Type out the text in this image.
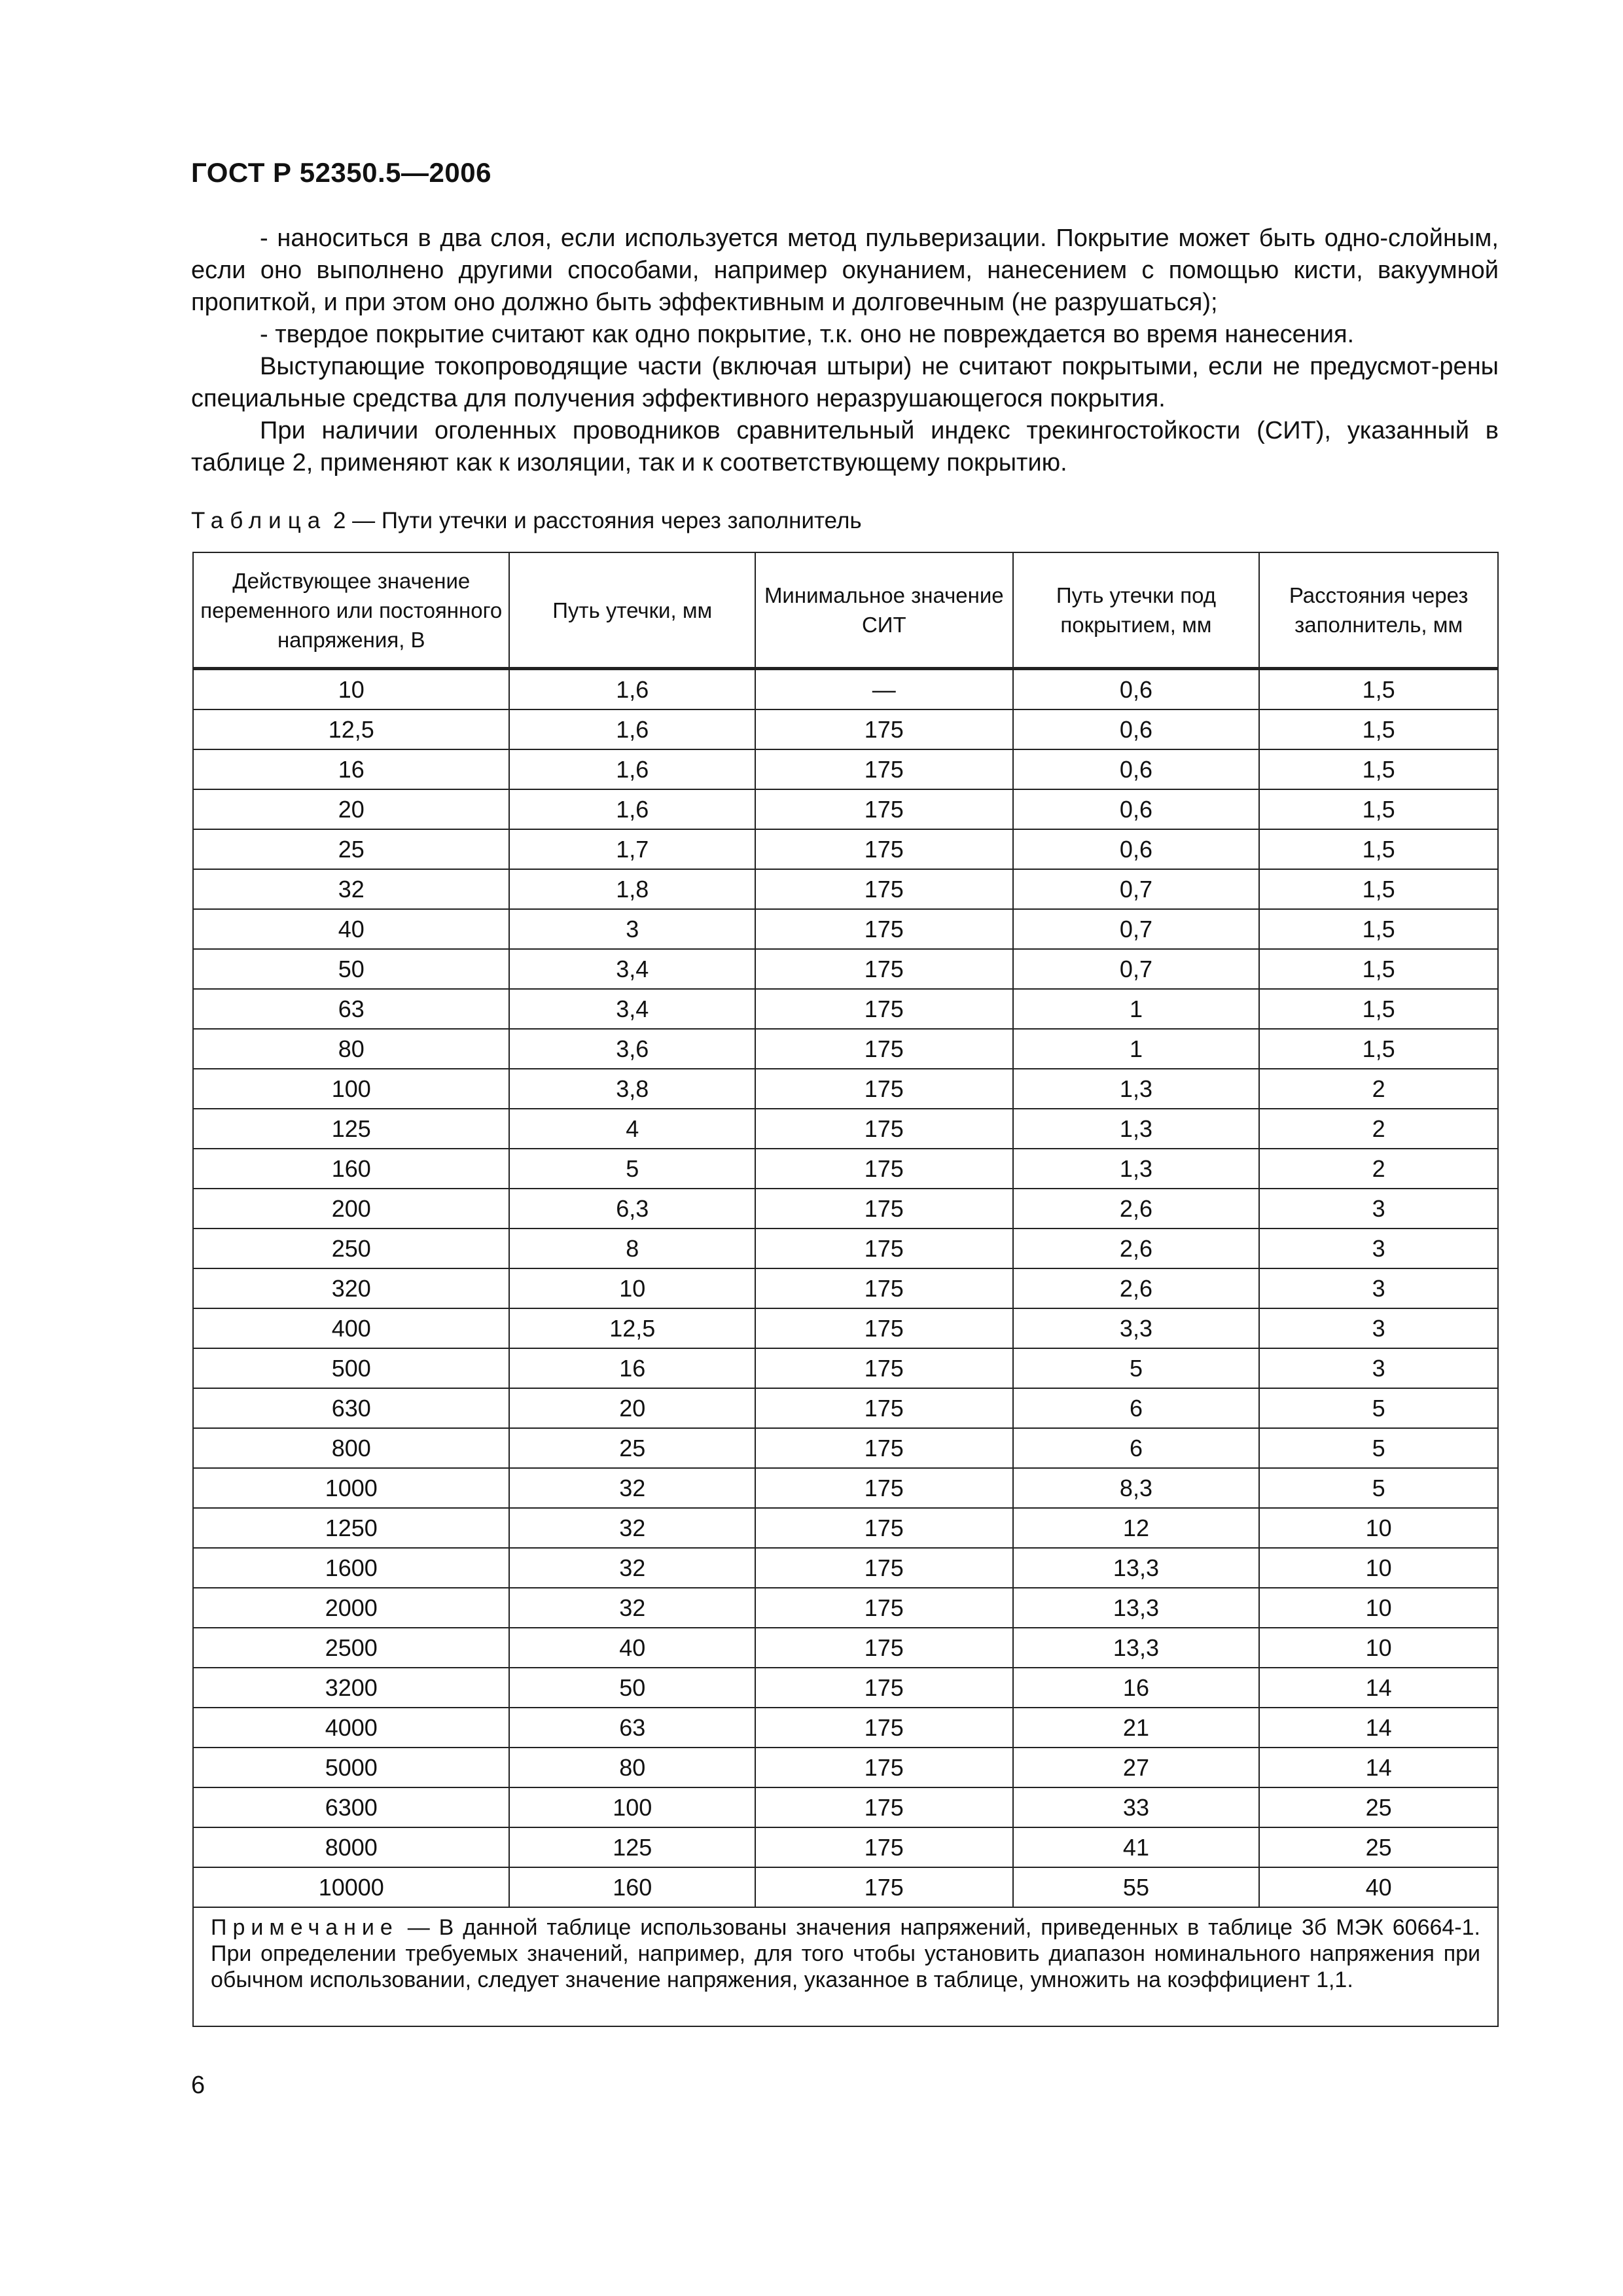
ГОСТ Р 52350.5—2006

- наноситься в два слоя, если используется метод пульверизации. Покрытие может быть одно-слойным, если оно выполнено другими способами, например окунанием, нанесением с помощью кисти, вакуумной пропиткой, и при этом оно должно быть эффективным и долговечным (не разрушаться);

- твердое покрытие считают как одно покрытие, т.к. оно не повреждается во время нанесения.

Выступающие токопроводящие части (включая штыри) не считают покрытыми, если не предусмот-рены специальные средства для получения эффективного неразрушающегося покрытия.

При наличии оголенных проводников сравнительный индекс трекингостойкости (СИТ), указанный в таблице 2, применяют как к изоляции, так и к соответствующему покрытию.

Таблица 2 — Пути утечки и расстояния через заполнитель
Действующее значение переменного или постоянного напряжения, В	Путь утечки, мм	Минимальное значение СИТ	Путь утечки под покрытием, мм	Расстояния через заполнитель, мм
10	1,6	—	0,6	1,5
12,5	1,6	175	0,6	1,5
16	1,6	175	0,6	1,5
20	1,6	175	0,6	1,5
25	1,7	175	0,6	1,5
32	1,8	175	0,7	1,5
40	3	175	0,7	1,5
50	3,4	175	0,7	1,5
63	3,4	175	1	1,5
80	3,6	175	1	1,5
100	3,8	175	1,3	2
125	4	175	1,3	2
160	5	175	1,3	2
200	6,3	175	2,6	3
250	8	175	2,6	3
320	10	175	2,6	3
400	12,5	175	3,3	3
500	16	175	5	3
630	20	175	6	5
800	25	175	6	5
1000	32	175	8,3	5
1250	32	175	12	10
1600	32	175	13,3	10
2000	32	175	13,3	10
2500	40	175	13,3	10
3200	50	175	16	14
4000	63	175	21	14
5000	80	175	27	14
6300	100	175	33	25
8000	125	175	41	25
10000	160	175	55	40
Примечание — В данной таблице использованы значения напряжений, приведенных в таблице 3б МЭК 60664-1. При определении требуемых значений, например, для того чтобы установить диапазон номинального напряжения при обычном использовании, следует значение напряжения, указанное в таблице, умножить на коэффициент 1,1.				
6
